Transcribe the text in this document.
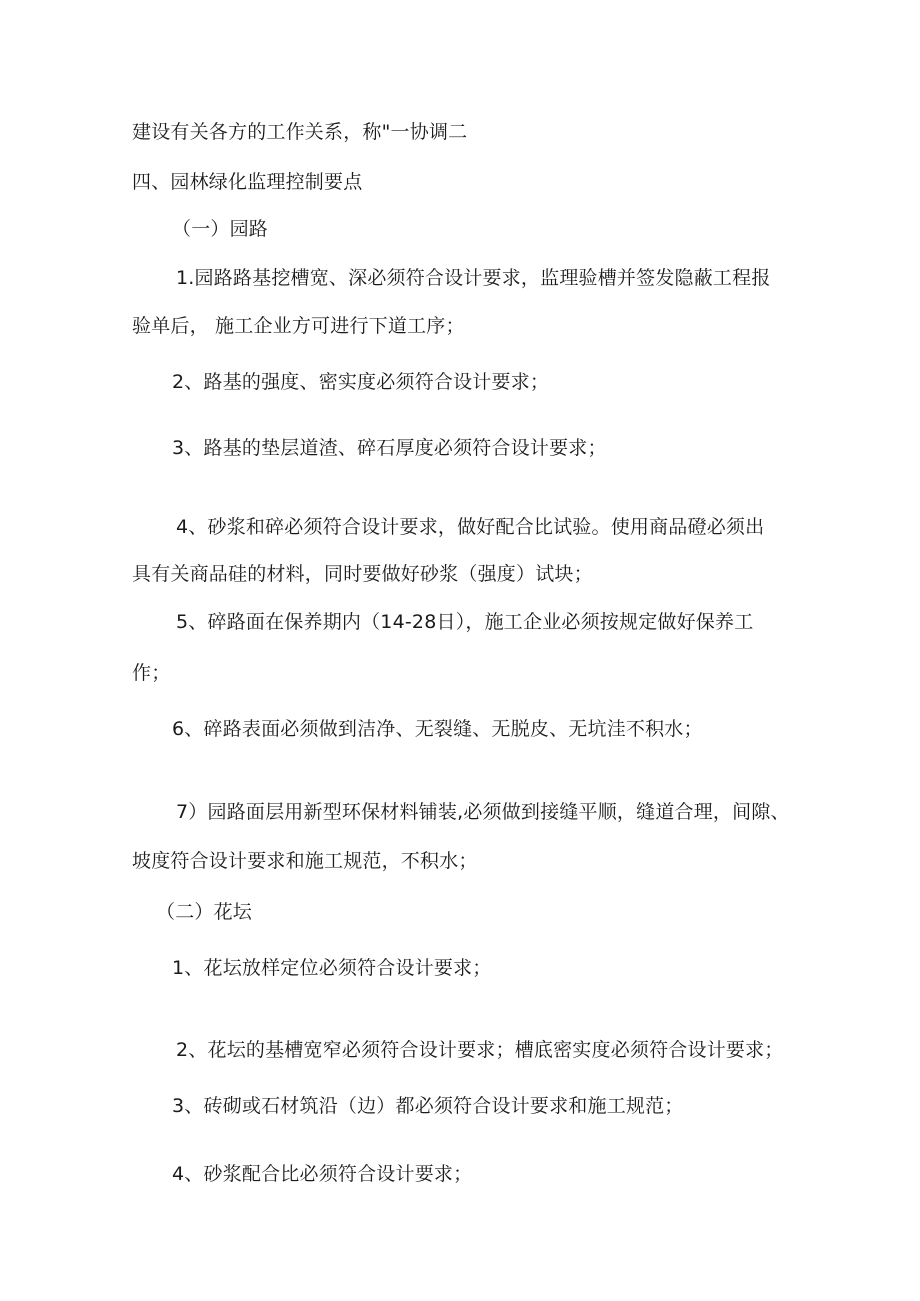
建设有关各方的工作关系，称"一协调二
四、园林绿化监理控制要点
（一）园路
1.园路路基挖槽宽、深必须符合设计要求，监理验槽并签发隐蔽工程报
验单后， 施工企业方可进行下道工序；
2、路基的强度、密实度必须符合设计要求；
3、路基的垫层道渣、碎石厚度必须符合设计要求；
4、砂浆和碎必须符合设计要求，做好配合比试验。使用商品磴必须出
具有关商品硅的材料，同时要做好砂浆（强度）试块；
5、碎路面在保养期内（14-28日），施工企业必须按规定做好保养工
作；
6、碎路表面必须做到洁净、无裂缝、无脱皮、无坑洼不积水；
7）园路面层用新型环保材料铺装,必须做到接缝平顺，缝道合理，间隙、
坡度符合设计要求和施工规范，不积水；
（二）花坛
1、花坛放样定位必须符合设计要求；
2、花坛的基槽宽窄必须符合设计要求；槽底密实度必须符合设计要求；
3、砖砌或石材筑沿（边）都必须符合设计要求和施工规范；
4、砂浆配合比必须符合设计要求；
